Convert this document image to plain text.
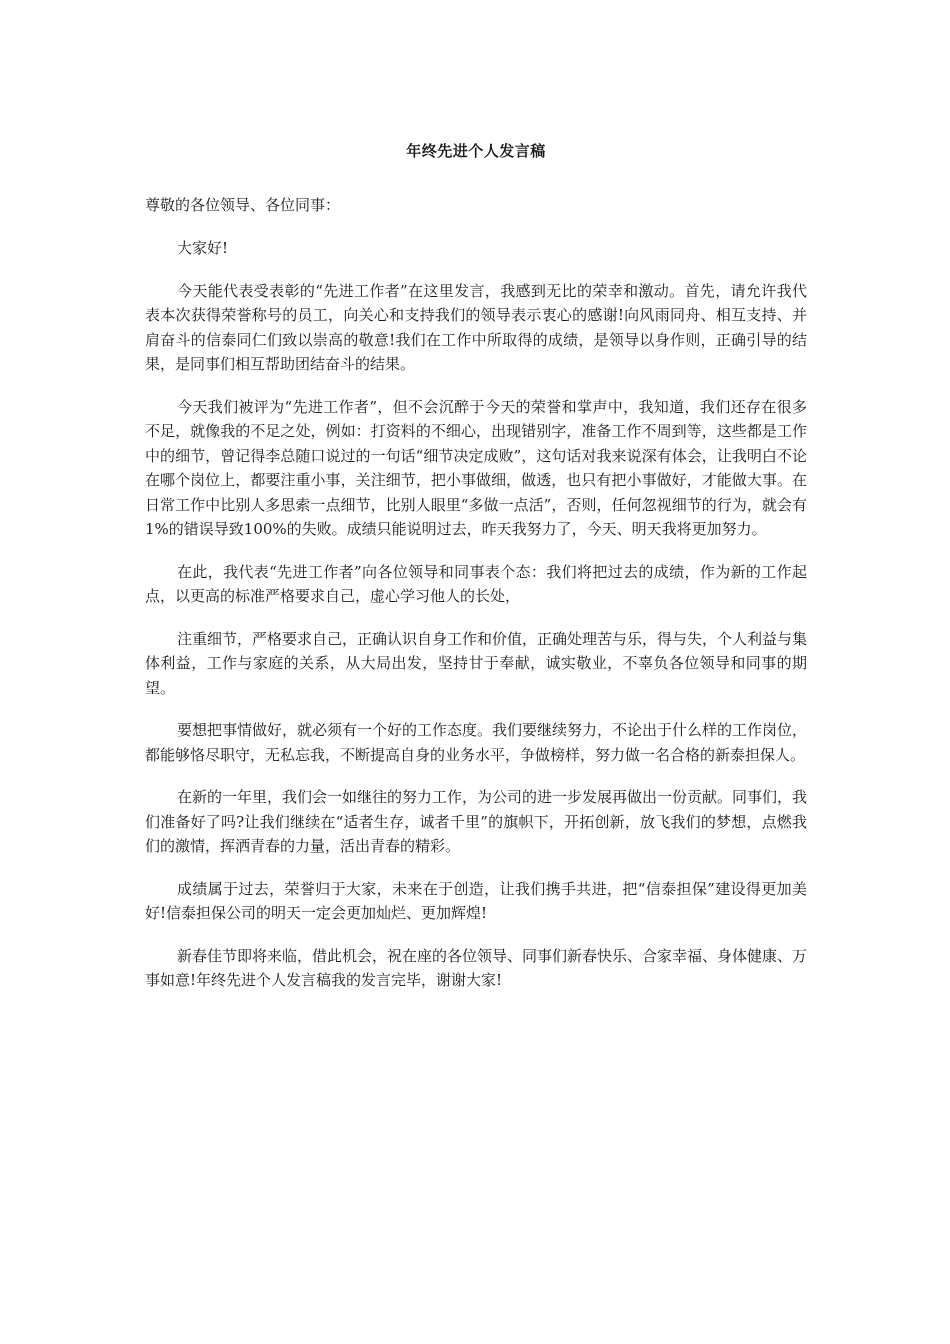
年终先进个人发言稿

尊敬的各位领导、各位同事：

大家好!

今天能代表受表彰的“先进工作者”在这里发言，我感到无比的荣幸和激动。首先，请允许我代表本次获得荣誉称号的员工，向关心和支持我们的领导表示衷心的感谢!向风雨同舟、相互支持、并肩奋斗的信泰同仁们致以崇高的敬意!我们在工作中所取得的成绩，是领导以身作则，正确引导的结果，是同事们相互帮助团结奋斗的结果。

今天我们被评为“先进工作者”，但不会沉醉于今天的荣誉和掌声中，我知道，我们还存在很多不足，就像我的不足之处，例如：打资料的不细心，出现错别字，准备工作不周到等，这些都是工作中的细节，曾记得李总随口说过的一句话“细节决定成败”，这句话对我来说深有体会，让我明白不论在哪个岗位上，都要注重小事，关注细节，把小事做细，做透，也只有把小事做好，才能做大事。在日常工作中比别人多思索一点细节，比别人眼里“多做一点活”，否则，任何忽视细节的行为，就会有1%的错误导致100%的失败。成绩只能说明过去，昨天我努力了，今天、明天我将更加努力。

在此，我代表“先进工作者”向各位领导和同事表个态：我们将把过去的成绩，作为新的工作起点，以更高的标准严格要求自己，虚心学习他人的长处，

注重细节，严格要求自己，正确认识自身工作和价值，正确处理苦与乐，得与失，个人利益与集体利益，工作与家庭的关系，从大局出发，坚持甘于奉献，诚实敬业，不辜负各位领导和同事的期望。

要想把事情做好，就必须有一个好的工作态度。我们要继续努力，不论出于什么样的工作岗位，都能够恪尽职守，无私忘我，不断提高自身的业务水平，争做榜样，努力做一名合格的新泰担保人。

在新的一年里，我们会一如继往的努力工作，为公司的进一步发展再做出一份贡献。同事们，我们准备好了吗?让我们继续在“适者生存，诚者千里”的旗帜下，开拓创新，放飞我们的梦想，点燃我们的激情，挥洒青春的力量，活出青春的精彩。

成绩属于过去，荣誉归于大家，未来在于创造，让我们携手共进，把“信泰担保”建设得更加美好!信泰担保公司的明天一定会更加灿烂、更加辉煌!

新春佳节即将来临，借此机会，祝在座的各位领导、同事们新春快乐、合家幸福、身体健康、万事如意!年终先进个人发言稿我的发言完毕，谢谢大家!
